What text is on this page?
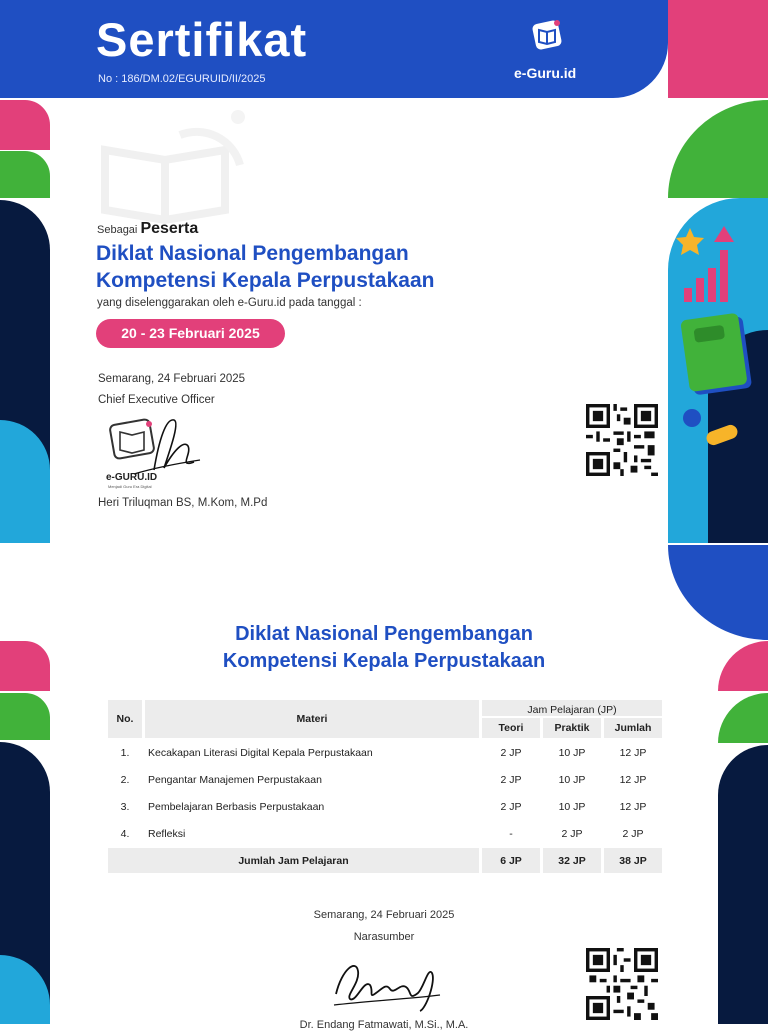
Sertifikat
No : 186/DM.02/EGURUID/II/2025	e-Guru.id
Sebagai Peserta
Diklat Nasional Pengembangan
Kompetensi Kepala Perpustakaan
yang diselenggarakan oleh e-Guru.id pada tanggal :
20 - 23 Februari 2025
Semarang, 24 Februari 2025
Chief Executive Officer
e-GURU.ID
Menjadi Guru Era Digital
Heri Triluqman BS, M.Kom, M.Pd
Diklat Nasional Pengembangan
Kompetensi Kepala Perpustakaan
No.	Materi	Jam Pelajaran (JP)		
		Teori	Praktik	Jumlah
1.	Kecakapan Literasi Digital Kepala Perpustakaan	2 JP	10 JP	12 JP
2.	Pengantar Manajemen Perpustakaan	2 JP	10 JP	12 JP
3.	Pembelajaran Berbasis Perpustakaan	2 JP	10 JP	12 JP
4.	Refleksi	-	2 JP	2 JP
Jumlah Jam Pelajaran		6 JP	32 JP	38 JP
Semarang, 24 Februari 2025
Narasumber
Dr. Endang Fatmawati, M.Si., M.A.
